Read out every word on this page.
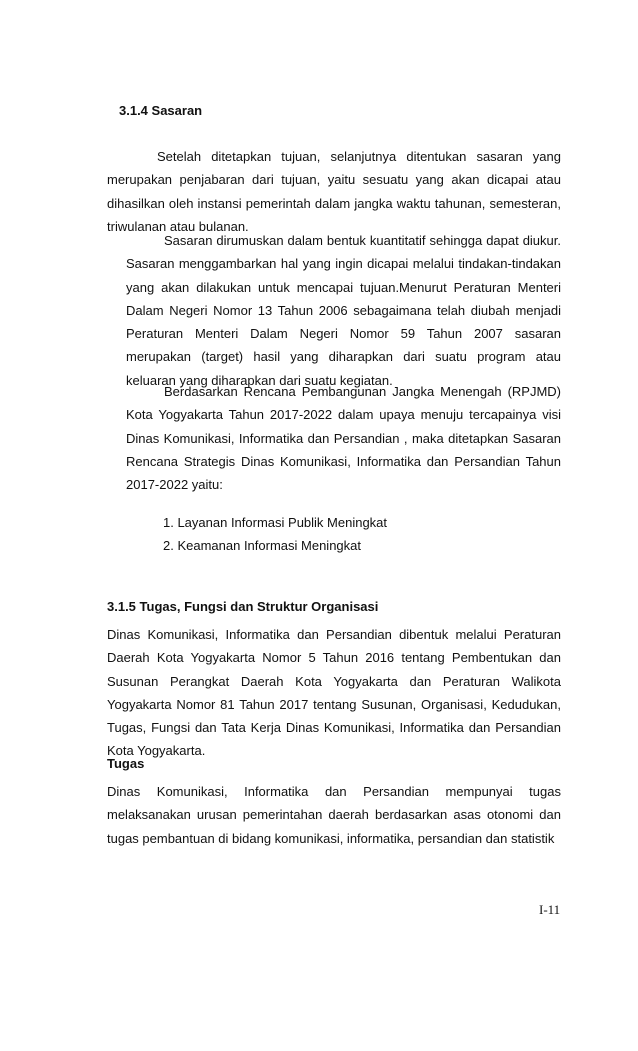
3.1.4 Sasaran

Setelah ditetapkan tujuan, selanjutnya ditentukan sasaran yang merupakan penjabaran dari tujuan, yaitu sesuatu yang akan dicapai atau dihasilkan oleh instansi pemerintah dalam jangka waktu tahunan, semesteran, triwulanan atau bulanan.

Sasaran dirumuskan dalam bentuk kuantitatif sehingga dapat diukur. Sasaran menggambarkan hal yang ingin dicapai melalui tindakan-tindakan yang akan dilakukan untuk mencapai tujuan.Menurut Peraturan Menteri Dalam Negeri Nomor 13 Tahun 2006 sebagaimana telah diubah menjadi Peraturan Menteri Dalam Negeri Nomor 59 Tahun 2007 sasaran merupakan (target) hasil yang diharapkan dari suatu program atau keluaran yang diharapkan dari suatu kegiatan.

Berdasarkan Rencana Pembangunan Jangka Menengah (RPJMD) Kota Yogyakarta Tahun 2017-2022 dalam upaya menuju tercapainya visi Dinas Komunikasi, Informatika dan Persandian , maka ditetapkan Sasaran Rencana Strategis Dinas Komunikasi, Informatika dan Persandian Tahun 2017-2022 yaitu:

1. Layanan Informasi Publik Meningkat
2. Keamanan Informasi Meningkat
3.1.5 Tugas, Fungsi dan Struktur Organisasi

Dinas Komunikasi, Informatika dan Persandian dibentuk melalui Peraturan Daerah Kota Yogyakarta Nomor 5 Tahun 2016 tentang Pembentukan dan Susunan Perangkat Daerah Kota Yogyakarta dan Peraturan Walikota Yogyakarta Nomor 81 Tahun 2017 tentang Susunan, Organisasi, Kedudukan, Tugas, Fungsi dan Tata Kerja Dinas Komunikasi, Informatika dan Persandian Kota Yogyakarta.

Tugas

Dinas Komunikasi, Informatika dan Persandian mempunyai tugas melaksanakan urusan pemerintahan daerah berdasarkan asas otonomi dan tugas pembantuan di bidang komunikasi, informatika, persandian dan statistik

I-11
